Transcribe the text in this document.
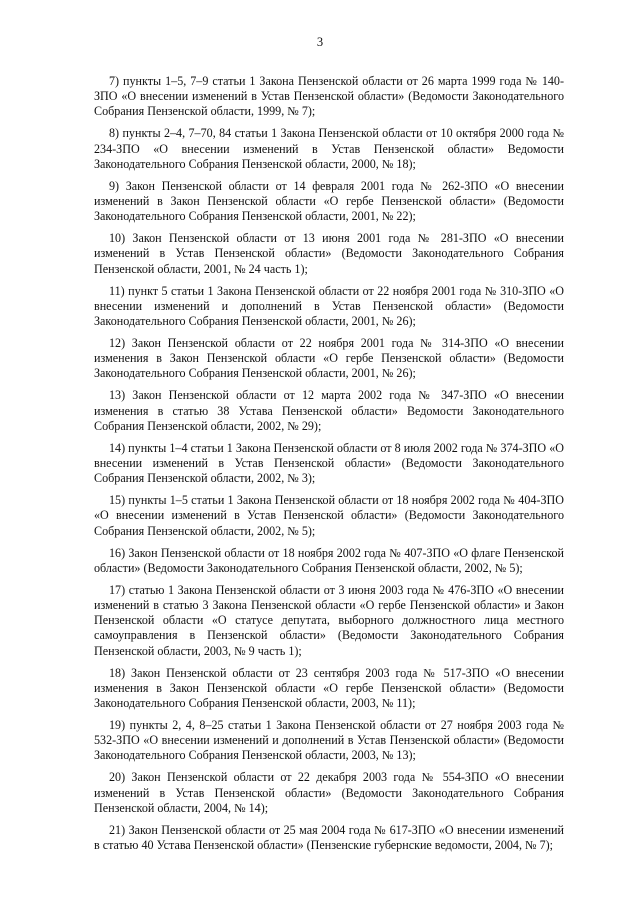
3

7) пункты 1–5, 7–9 статьи 1 Закона Пензенской области от 26 марта 1999 года № 140-ЗПО «О внесении изменений в Устав Пензенской области» (Ведомости Законодательного Собрания Пензенской области, 1999, № 7);

8) пункты 2–4, 7–70, 84 статьи 1 Закона Пензенской области от 10 октября 2000 года № 234-ЗПО «О внесении изменений в Устав Пензенской области» Ведомости Законодательного Собрания Пензенской области, 2000, № 18);

9) Закон Пензенской области от 14 февраля 2001 года № 262-ЗПО «О внесении изменений в Закон Пензенской области «О гербе Пензенской области» (Ведомости Законодательного Собрания Пензенской области, 2001, № 22);

10) Закон Пензенской области от 13 июня 2001 года № 281-ЗПО «О внесении изменений в Устав Пензенской области» (Ведомости Законодательного Собрания Пензенской области, 2001, № 24 часть 1);

11) пункт 5 статьи 1 Закона Пензенской области от 22 ноября 2001 года № 310-ЗПО «О внесении изменений и дополнений в Устав Пензенской области» (Ведомости Законодательного Собрания Пензенской области, 2001, № 26);

12) Закон Пензенской области от 22 ноября 2001 года № 314-ЗПО «О внесении изменения в Закон Пензенской области «О гербе Пензенской области» (Ведомости Законодательного Собрания Пензенской области, 2001, № 26);

13) Закон Пензенской области от 12 марта 2002 года № 347-ЗПО «О внесении изменения в статью 38 Устава Пензенской области» Ведомости Законодательного Собрания Пензенской области, 2002, № 29);

14) пункты 1–4 статьи 1 Закона Пензенской области от 8 июля 2002 года № 374-ЗПО «О внесении изменений в Устав Пензенской области» (Ведомости Законодательного Собрания Пензенской области, 2002, № 3);

15) пункты 1–5 статьи 1 Закона Пензенской области от 18 ноября 2002 года № 404-ЗПО «О внесении изменений в Устав Пензенской области» (Ведомости Законодательного Собрания Пензенской области, 2002, № 5);

16) Закон Пензенской области от 18 ноября 2002 года № 407-ЗПО «О флаге Пензенской области» (Ведомости Законодательного Собрания Пензенской области, 2002, № 5);

17) статью 1 Закона Пензенской области от 3 июня 2003 года № 476-ЗПО «О внесении изменений в статью 3 Закона Пензенской области «О гербе Пензенской области» и Закон Пензенской области «О статусе депутата, выборного должностного лица местного самоуправления в Пензенской области» (Ведомости Законодательного Собрания Пензенской области, 2003, № 9 часть 1);

18) Закон Пензенской области от 23 сентября 2003 года № 517-ЗПО «О внесении изменения в Закон Пензенской области «О гербе Пензенской области» (Ведомости Законодательного Собрания Пензенской области, 2003, № 11);

19) пункты 2, 4, 8–25 статьи 1 Закона Пензенской области от 27 ноября 2003 года № 532-ЗПО «О внесении изменений и дополнений в Устав Пензенской области» (Ведомости Законодательного Собрания Пензенской области, 2003, № 13);

20) Закон Пензенской области от 22 декабря 2003 года № 554-ЗПО «О внесении изменений в Устав Пензенской области» (Ведомости Законодательного Собрания Пензенской области, 2004, № 14);

21) Закон Пензенской области от 25 мая 2004 года № 617-ЗПО «О внесении изменений в статью 40 Устава Пензенской области» (Пензенские губернские ведомости, 2004, № 7);
